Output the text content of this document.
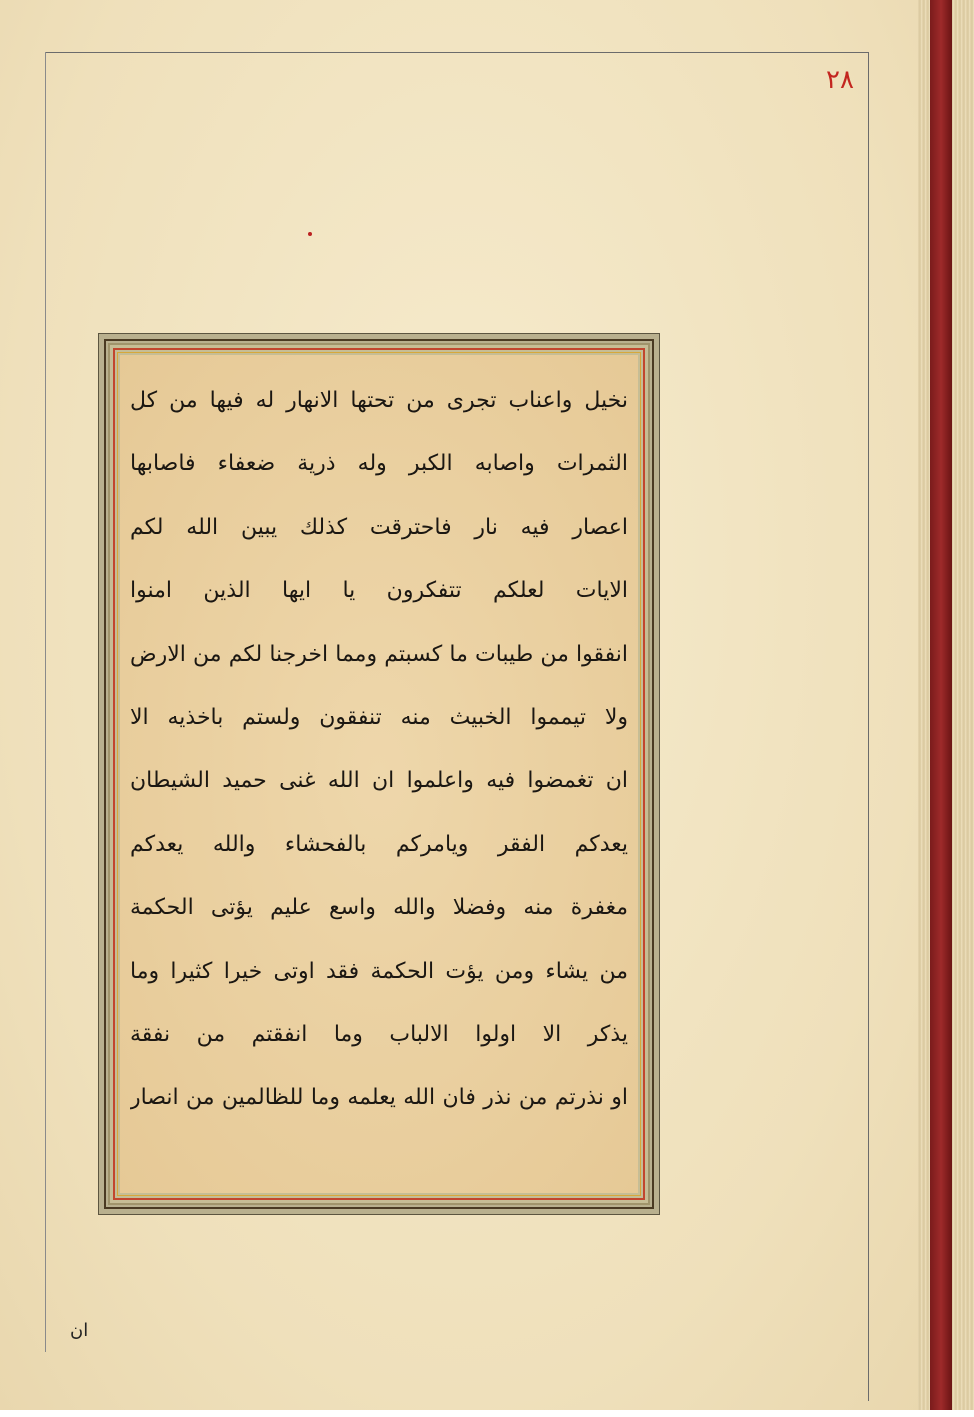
٢٨
نخيل واعناب تجرى من تحتها الانهار له فيها من كل
الثمرات واصابه الكبر وله ذرية ضعفاء فاصابها
اعصار فيه نار فاحترقت كذلك يبين الله لكم
الايات لعلكم تتفكرون يا ايها الذين امنوا
انفقوا من طيبات ما كسبتم ومما اخرجنا لكم من الارض
ولا تيمموا الخبيث منه تنفقون ولستم باخذيه الا
ان تغمضوا فيه واعلموا ان الله غنى حميد الشيطان
يعدكم الفقر ويامركم بالفحشاء والله يعدكم
مغفرة منه وفضلا والله واسع عليم يؤتى الحكمة
من يشاء ومن يؤت الحكمة فقد اوتى خيرا كثيرا وما
يذكر الا اولوا الالباب وما انفقتم من نفقة
او نذرتم من نذر فان الله يعلمه وما للظالمين من انصار
ان
